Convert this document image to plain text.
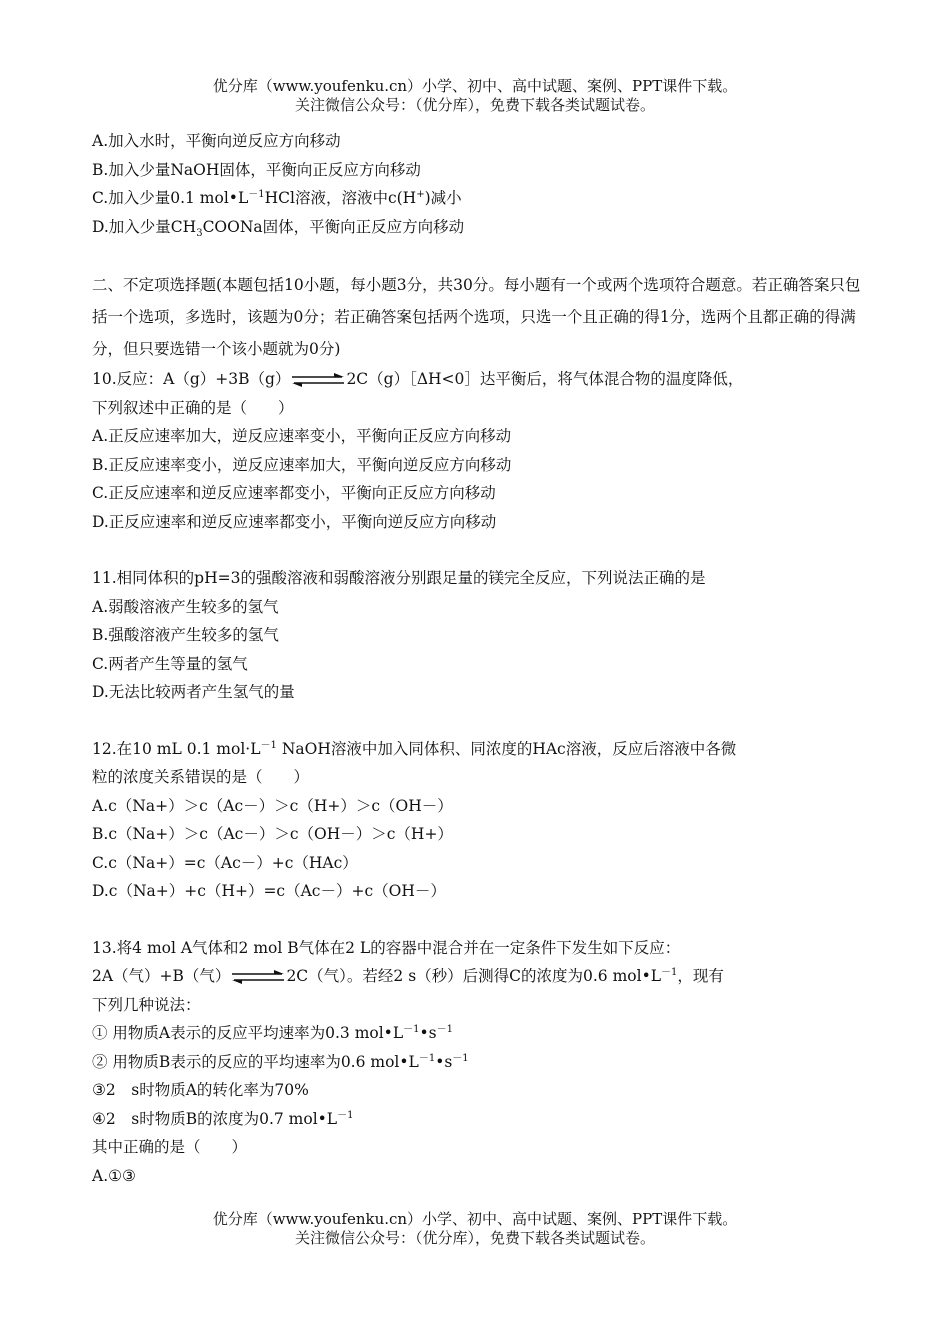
优分库（www.youfenku.cn）小学、初中、高中试题、案例、PPT课件下载。
关注微信公众号：（优分库），免费下载各类试题试卷。
A.加入水时，平衡向逆反应方向移动
B.加入少量NaOH固体，平衡向正反应方向移动
C.加入少量0.1 $mol•L^{-1}HCl$溶液，溶液中c(H+)减小
D.加入少量$CH_3COONa$固体，平衡向正反应方向移动
二、不定项选择题(本题包括10小题，每小题3分，共30分。每小题有一个或两个选项符合题意。若正确答案只包括一个选项，多选时，该题为0分；若正确答案包括两个选项，只选一个且正确的得1分，选两个且都正确的得满分，但只要选错一个该小题就为0分)
10.反应：A（g）+3B（g）⇌2C（g）［ΔH<0］达平衡后，将气体混合物的温度降低，
下列叙述中正确的是（　　）
A.正反应速率加大，逆反应速率变小，平衡向正反应方向移动
B.正反应速率变小，逆反应速率加大，平衡向逆反应方向移动
C.正反应速率和逆反应速率都变小，平衡向正反应方向移动
D.正反应速率和逆反应速率都变小，平衡向逆反应方向移动
11.相同体积的pH=3的强酸溶液和弱酸溶液分别跟足量的镁完全反应，下列说法正确的是
A.弱酸溶液产生较多的氢气
B.强酸溶液产生较多的氢气
C.两者产生等量的氢气
D.无法比较两者产生氢气的量
12.在10 mL 0.1 $mol\cdot L^{-1}$ NaOH溶液中加入同体积、同浓度的HAc溶液，反应后溶液中各微
粒的浓度关系错误的是（　　）
A.c（Na+）＞c（Ac－）＞c（H+）＞c（OH－）
B.c（Na+）＞c（Ac－）＞c（OH－）＞c（H+）
C.c（Na+）=c（Ac－）+c（HAc）
D.c（Na+）+c（H+）=c（Ac－）+c（OH－）
13.将4 mol A气体和2 mol B气体在2 L的容器中混合并在一定条件下发生如下反应：
2A（气）+B（气）⇌2C（气）。若经2 s（秒）后测得C的浓度为0.6 $mol•L^{-1}$，现有
下列几种说法：
① 用物质A表示的反应平均速率为0.3 $mol•L^{-1}•s^{-1}$
② 用物质B表示的反应的平均速率为0.6 $mol•L^{-1}•s^{-1}$
③2　s时物质A的转化率为70%
④2　s时物质B的浓度为0.7 $mol•L^{-1}$
其中正确的是（　　）
A.①③
优分库（www.youfenku.cn）小学、初中、高中试题、案例、PPT课件下载。
关注微信公众号：（优分库），免费下载各类试题试卷。
